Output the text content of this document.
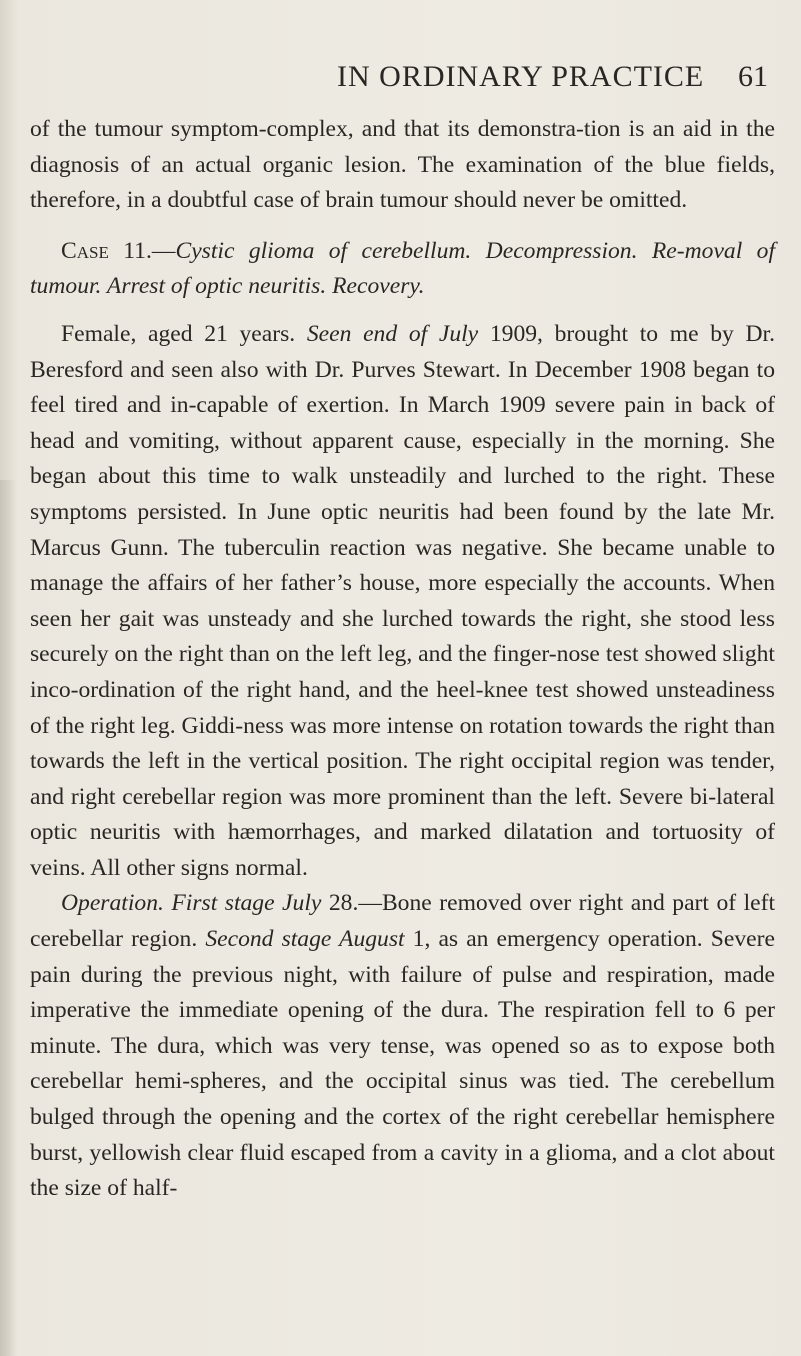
IN ORDINARY PRACTICE	61

of the tumour symptom-complex, and that its demonstra-tion is an aid in the diagnosis of an actual organic lesion. The examination of the blue fields, therefore, in a doubtful case of brain tumour should never be omitted.

Case 11.—Cystic glioma of cerebellum. Decompression. Re-moval of tumour. Arrest of optic neuritis. Recovery.

Female, aged 21 years. Seen end of July 1909, brought to me by Dr. Beresford and seen also with Dr. Purves Stewart. In December 1908 began to feel tired and in-capable of exertion. In March 1909 severe pain in back of head and vomiting, without apparent cause, especially in the morning. She began about this time to walk unsteadily and lurched to the right. These symptoms persisted. In June optic neuritis had been found by the late Mr. Marcus Gunn. The tuberculin reaction was negative. She became unable to manage the affairs of her father’s house, more especially the accounts. When seen her gait was unsteady and she lurched towards the right, she stood less securely on the right than on the left leg, and the finger-nose test showed slight inco-ordination of the right hand, and the heel-knee test showed unsteadiness of the right leg. Giddi-ness was more intense on rotation towards the right than towards the left in the vertical position. The right occipital region was tender, and right cerebellar region was more prominent than the left. Severe bi-lateral optic neuritis with hæmorrhages, and marked dilatation and tortuosity of veins. All other signs normal.

Operation. First stage July 28.—Bone removed over right and part of left cerebellar region. Second stage August 1, as an emergency operation. Severe pain during the previous night, with failure of pulse and respiration, made imperative the immediate opening of the dura. The respiration fell to 6 per minute. The dura, which was very tense, was opened so as to expose both cerebellar hemi-spheres, and the occipital sinus was tied. The cerebellum bulged through the opening and the cortex of the right cerebellar hemisphere burst, yellowish clear fluid escaped from a cavity in a glioma, and a clot about the size of half-
